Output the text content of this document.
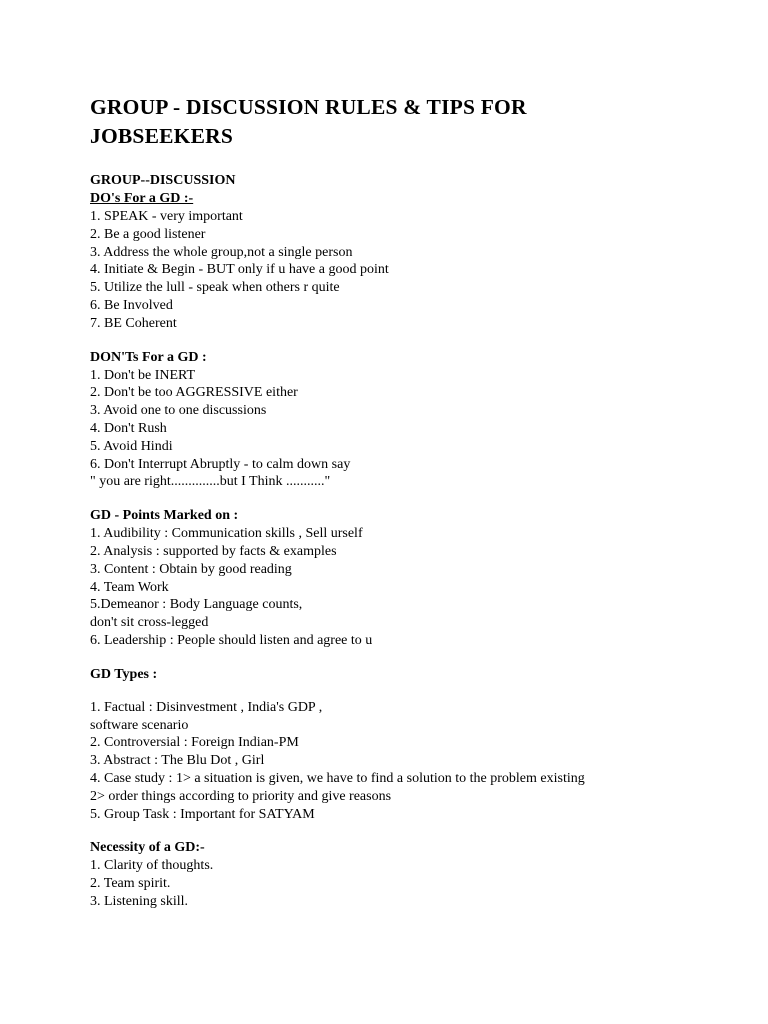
GROUP - DISCUSSION RULES & TIPS FOR

JOBSEEKERS

GROUP--DISCUSSION

DO's For a GD :-

1. SPEAK - very important

2. Be a good listener

3. Address the whole group,not a single person

4. Initiate & Begin - BUT only if u have a good point

5. Utilize the lull - speak when others r quite

6. Be Involved

7. BE Coherent

DON'Ts For a GD :

1. Don't be INERT

2. Don't be too AGGRESSIVE either

3. Avoid one to one discussions

4. Don't Rush

5. Avoid Hindi

6. Don't Interrupt Abruptly - to calm down say

" you are right..............but I Think ..........."

GD - Points Marked on :

1. Audibility : Communication skills , Sell urself

2. Analysis : supported by facts & examples

3. Content : Obtain by good reading

4. Team Work

5.Demeanor : Body Language counts,

don't sit cross-legged

6. Leadership : People should listen and agree to u

GD Types :

1. Factual : Disinvestment , India's GDP ,

software scenario

2. Controversial : Foreign Indian-PM

3. Abstract : The Blu Dot , Girl

4. Case study : 1> a situation is given, we have to find a solution to the problem existing

2> order things according to priority and give reasons

5. Group Task : Important for SATYAM

Necessity of a GD:-

1. Clarity of thoughts.

2. Team spirit.

3. Listening skill.
